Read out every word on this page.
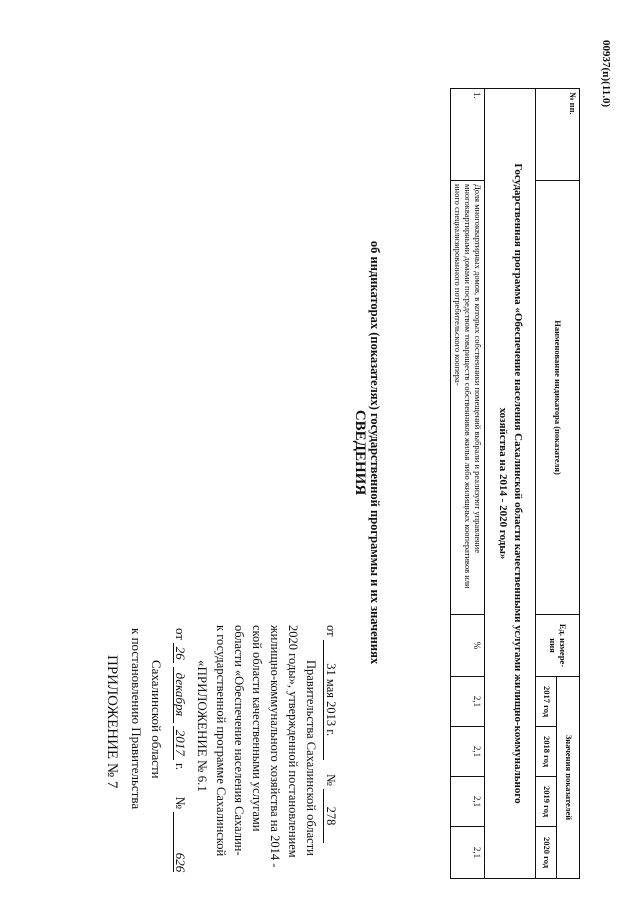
ПРИЛОЖЕНИЕ № 7 к постановлению Правительства Сахалинской области
от 26 декабря 2017 г.  № 626
«ПРИЛОЖЕНИЕ № 6.1 к государственной программе Сахалинской области «Обеспечение населения Сахалин- ской области качественными услугами жилищно-коммунального хозяйства на 2014 - 2020 годы», утвержденной постановлением Правительства Сахалинской области
от 31 мая 2013 г.  № 278
СВЕДЕНИЯ об индикаторах (показателях) государственной программы и их значениях
№ пп.	Наименование индикатора (показателя)	Ед. измере-
ния	Значения показателей			
			2017 год	2018 год	2019 год	2020 год
Государственная программа «Обеспечение населения Сахалинской области качественными услугами жилищно-коммунального хозяйства на 2014 - 2020 годы»						
1.	Доля многоквартирных домов, в которых собственники помещений выбрали и реализуют управление многоквартирными домами посредством товариществ собственников жилья либо жилищных кооперативов или иного специализированного потребительского коопера-	%	2,1	2,1	2,1	2,1
00937(п)(11.0)
